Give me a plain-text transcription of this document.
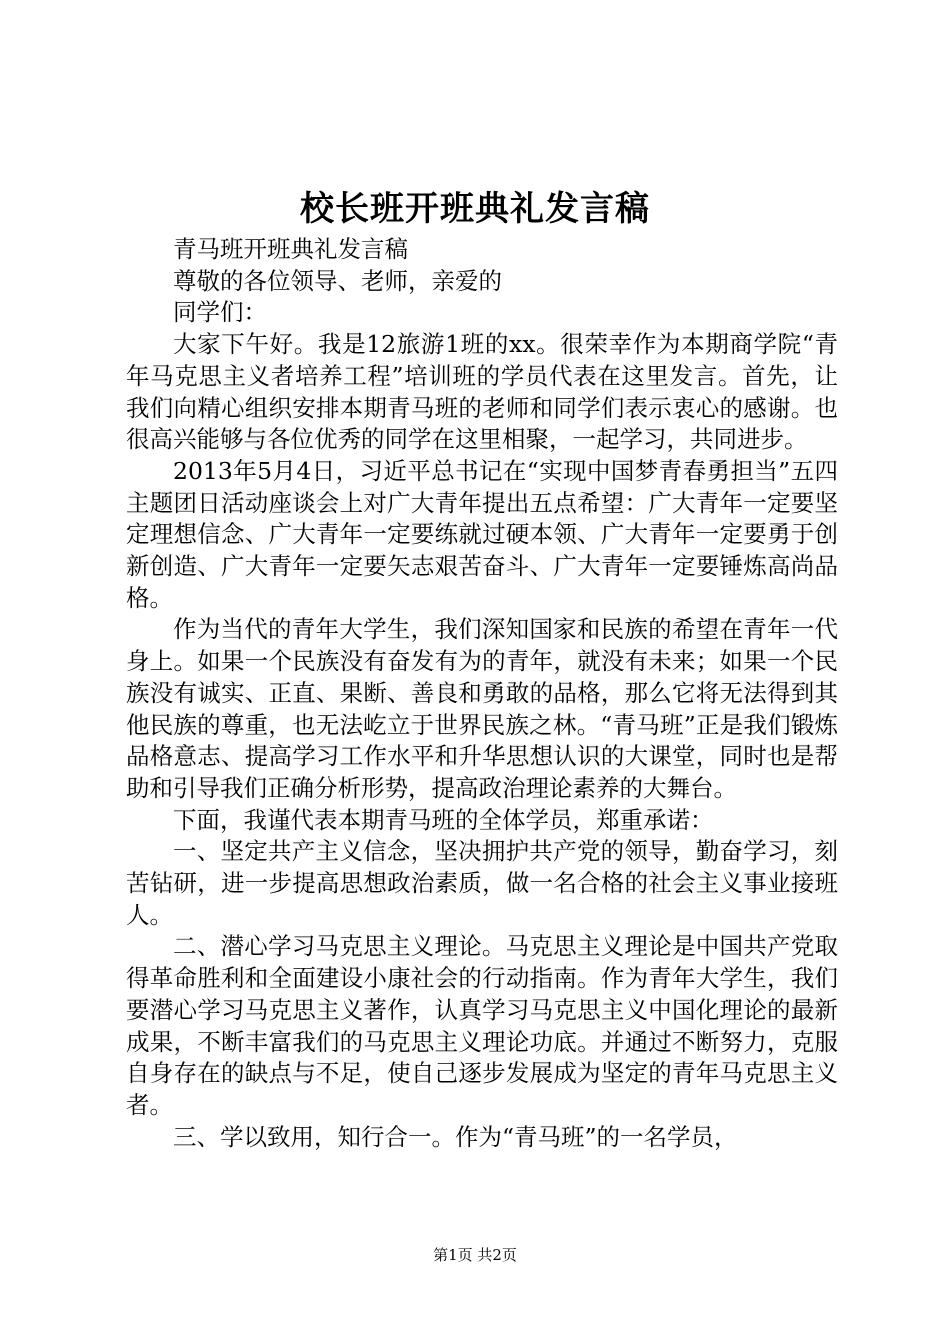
校长班开班典礼发言稿

青马班开班典礼发言稿

尊敬的各位领导、老师，亲爱的

同学们：

大家下午好。我是12旅游1班的xx。很荣幸作为本期商学院“青年马克思主义者培养工程”培训班的学员代表在这里发言。首先，让我们向精心组织安排本期青马班的老师和同学们表示衷心的感谢。也很高兴能够与各位优秀的同学在这里相聚，一起学习，共同进步。

2013年5月4日，习近平总书记在“实现中国梦青春勇担当”五四主题团日活动座谈会上对广大青年提出五点希望：广大青年一定要坚定理想信念、广大青年一定要练就过硬本领、广大青年一定要勇于创新创造、广大青年一定要矢志艰苦奋斗、广大青年一定要锤炼高尚品格。

作为当代的青年大学生，我们深知国家和民族的希望在青年一代身上。如果一个民族没有奋发有为的青年，就没有未来；如果一个民族没有诚实、正直、果断、善良和勇敢的品格，那么它将无法得到其他民族的尊重，也无法屹立于世界民族之林。“青马班”正是我们锻炼品格意志、提高学习工作水平和升华思想认识的大课堂，同时也是帮助和引导我们正确分析形势，提高政治理论素养的大舞台。

下面，我谨代表本期青马班的全体学员，郑重承诺：

一、坚定共产主义信念，坚决拥护共产党的领导，勤奋学习，刻苦钻研，进一步提高思想政治素质，做一名合格的社会主义事业接班人。

二、潜心学习马克思主义理论。马克思主义理论是中国共产党取得革命胜利和全面建设小康社会的行动指南。作为青年大学生，我们要潜心学习马克思主义著作，认真学习马克思主义中国化理论的最新成果，不断丰富我们的马克思主义理论功底。并通过不断努力，克服自身存在的缺点与不足，使自己逐步发展成为坚定的青年马克思主义者。

三、学以致用，知行合一。作为“青马班”的一名学员，

第1页 共2页
